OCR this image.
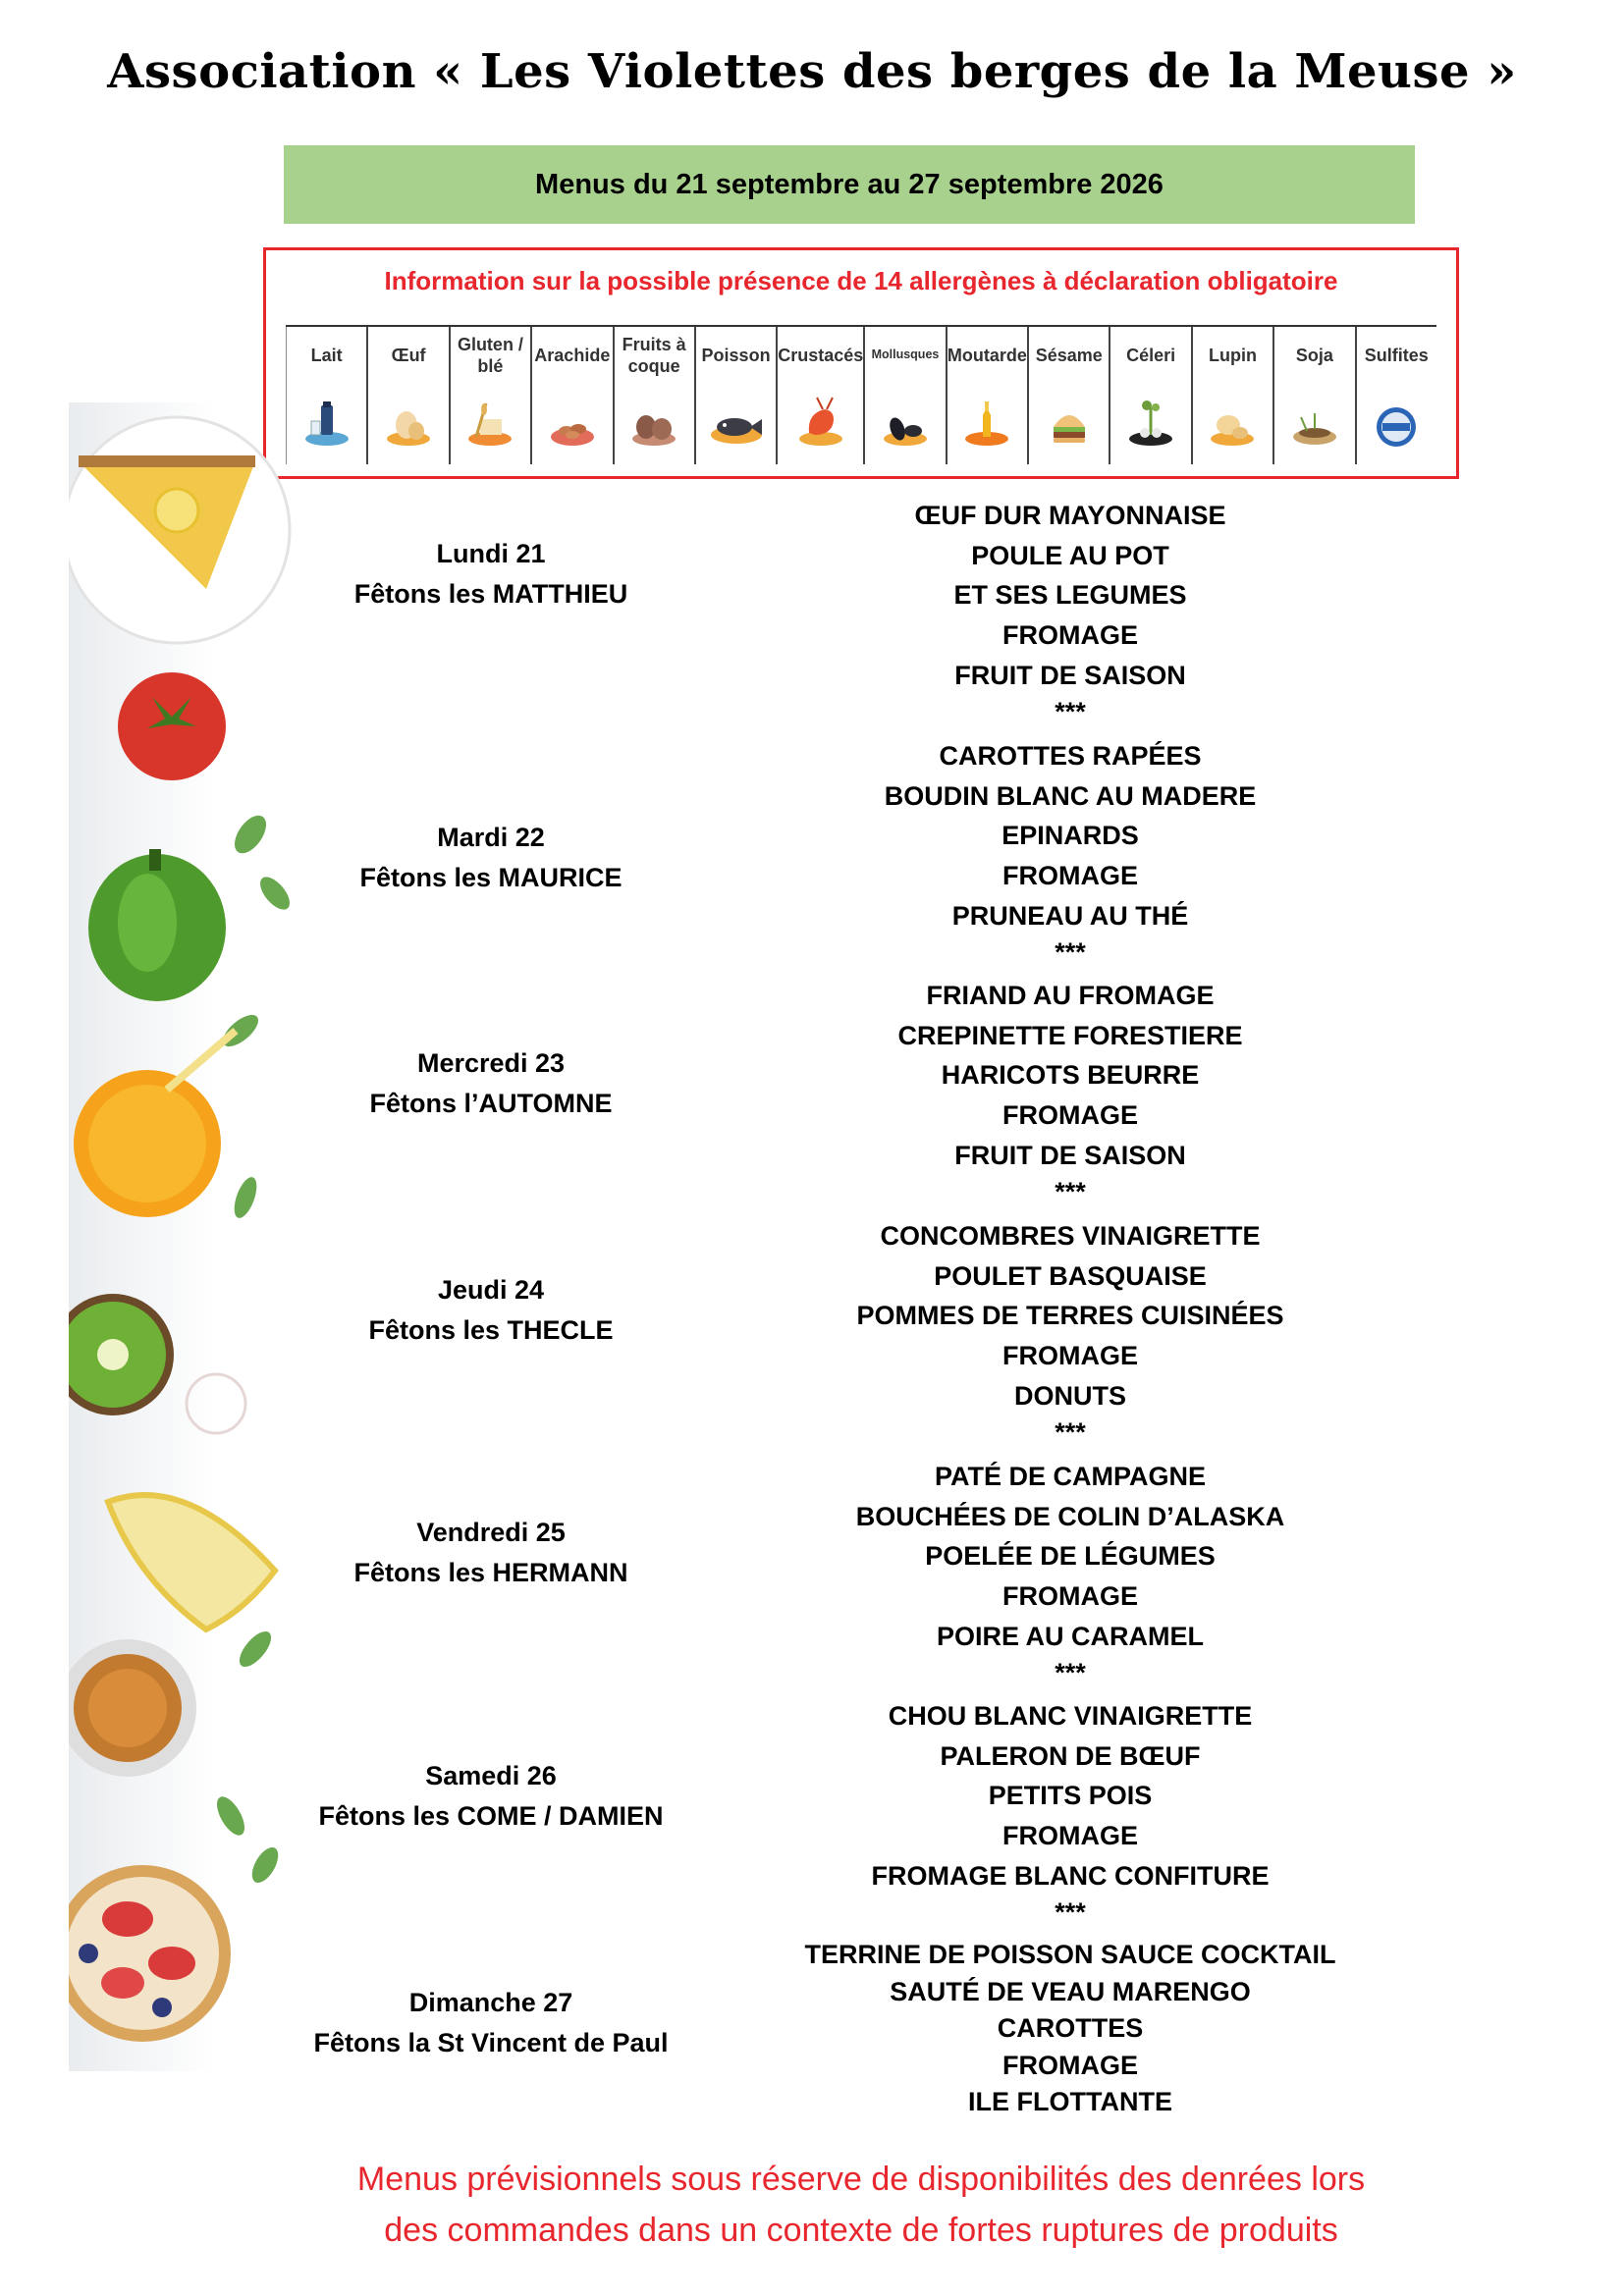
Association « Les Violettes des berges de la Meuse »
Menus du 21 septembre au 27 septembre 2026
Information sur la possible présence de 14 allergènes à déclaration obligatoire
Lait	Œuf
Gluten / blé
Arachide
Fruits à coque
Poisson Crustacés Mollusques Moutarde Sésame Céleri Lupin Soja Sulfites
Lundi 21
Fêtons les MATTHIEU
ŒUF DUR MAYONNAISE
POULE AU POT
ET SES LEGUMES
FROMAGE
FRUIT DE SAISON
***
Mardi 22
Fêtons les MAURICE
CAROTTES RAPÉES
BOUDIN BLANC AU MADERE
EPINARDS
FROMAGE
PRUNEAU AU THÉ
***
Mercredi 23
Fêtons l’AUTOMNE
FRIAND AU FROMAGE
CREPINETTE FORESTIERE
HARICOTS BEURRE
FROMAGE
FRUIT DE SAISON
***
Jeudi 24
Fêtons les THECLE
CONCOMBRES VINAIGRETTE
POULET BASQUAISE
POMMES DE TERRES CUISINÉES
FROMAGE
DONUTS
***
Vendredi 25
Fêtons les HERMANN
PATÉ DE CAMPAGNE
BOUCHÉES DE COLIN D’ALASKA
POELÉE DE LÉGUMES
FROMAGE
POIRE AU CARAMEL
***
Samedi 26
Fêtons les COME / DAMIEN
CHOU BLANC VINAIGRETTE
PALERON DE BŒUF
PETITS POIS
FROMAGE
FROMAGE BLANC CONFITURE
***
Dimanche 27
Fêtons la St Vincent de Paul
TERRINE DE POISSON SAUCE COCKTAIL
SAUTÉ DE VEAU MARENGO
CAROTTES
FROMAGE
ILE FLOTTANTE
Menus prévisionnels sous réserve de disponibilités des denrées lors
des commandes dans un contexte de fortes ruptures de produits
